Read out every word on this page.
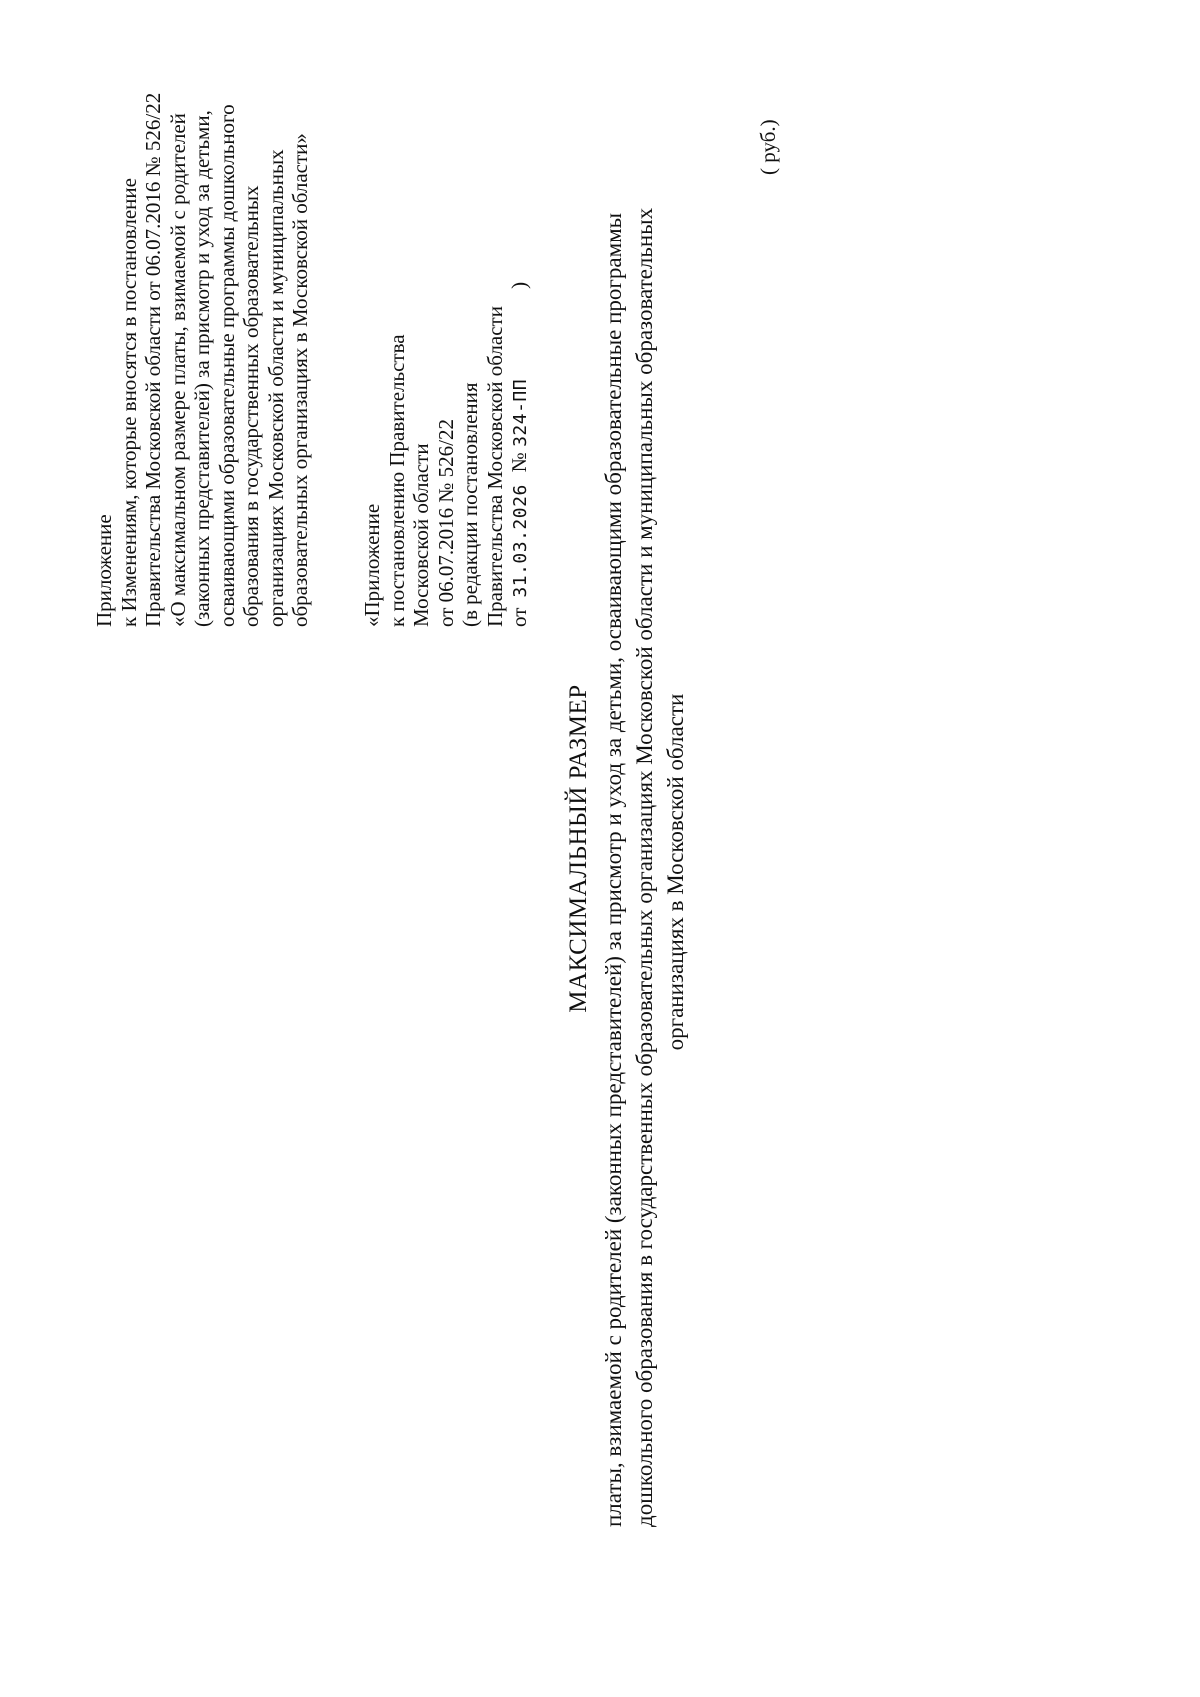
Приложение к Изменениям, которые вносятся в постановление Правительства Московской области от 06.07.2016 № 526/22 «О максимальном размере платы, взимаемой с родителей (законных представителей) за присмотр и уход за детьми, осваивающими образовательные программы дошкольного образования в государственных образовательных организациях Московской области и муниципальных образовательных организациях в Московской области» «Приложение к постановлению Правительства Московской области от 06.07.2016 № 526/22 (в редакции постановления Правительства Московской области от31.03.2026№ 324-ПП)
МАКСИМАЛЬНЫЙ РАЗМЕР платы, взимаемой с родителей (законных представителей) за присмотр и уход за детьми, осваивающими образовательные программы дошкольного образования в государственных образовательных организациях Московской области и муниципальных образовательных организациях в Московской области
( руб.)
